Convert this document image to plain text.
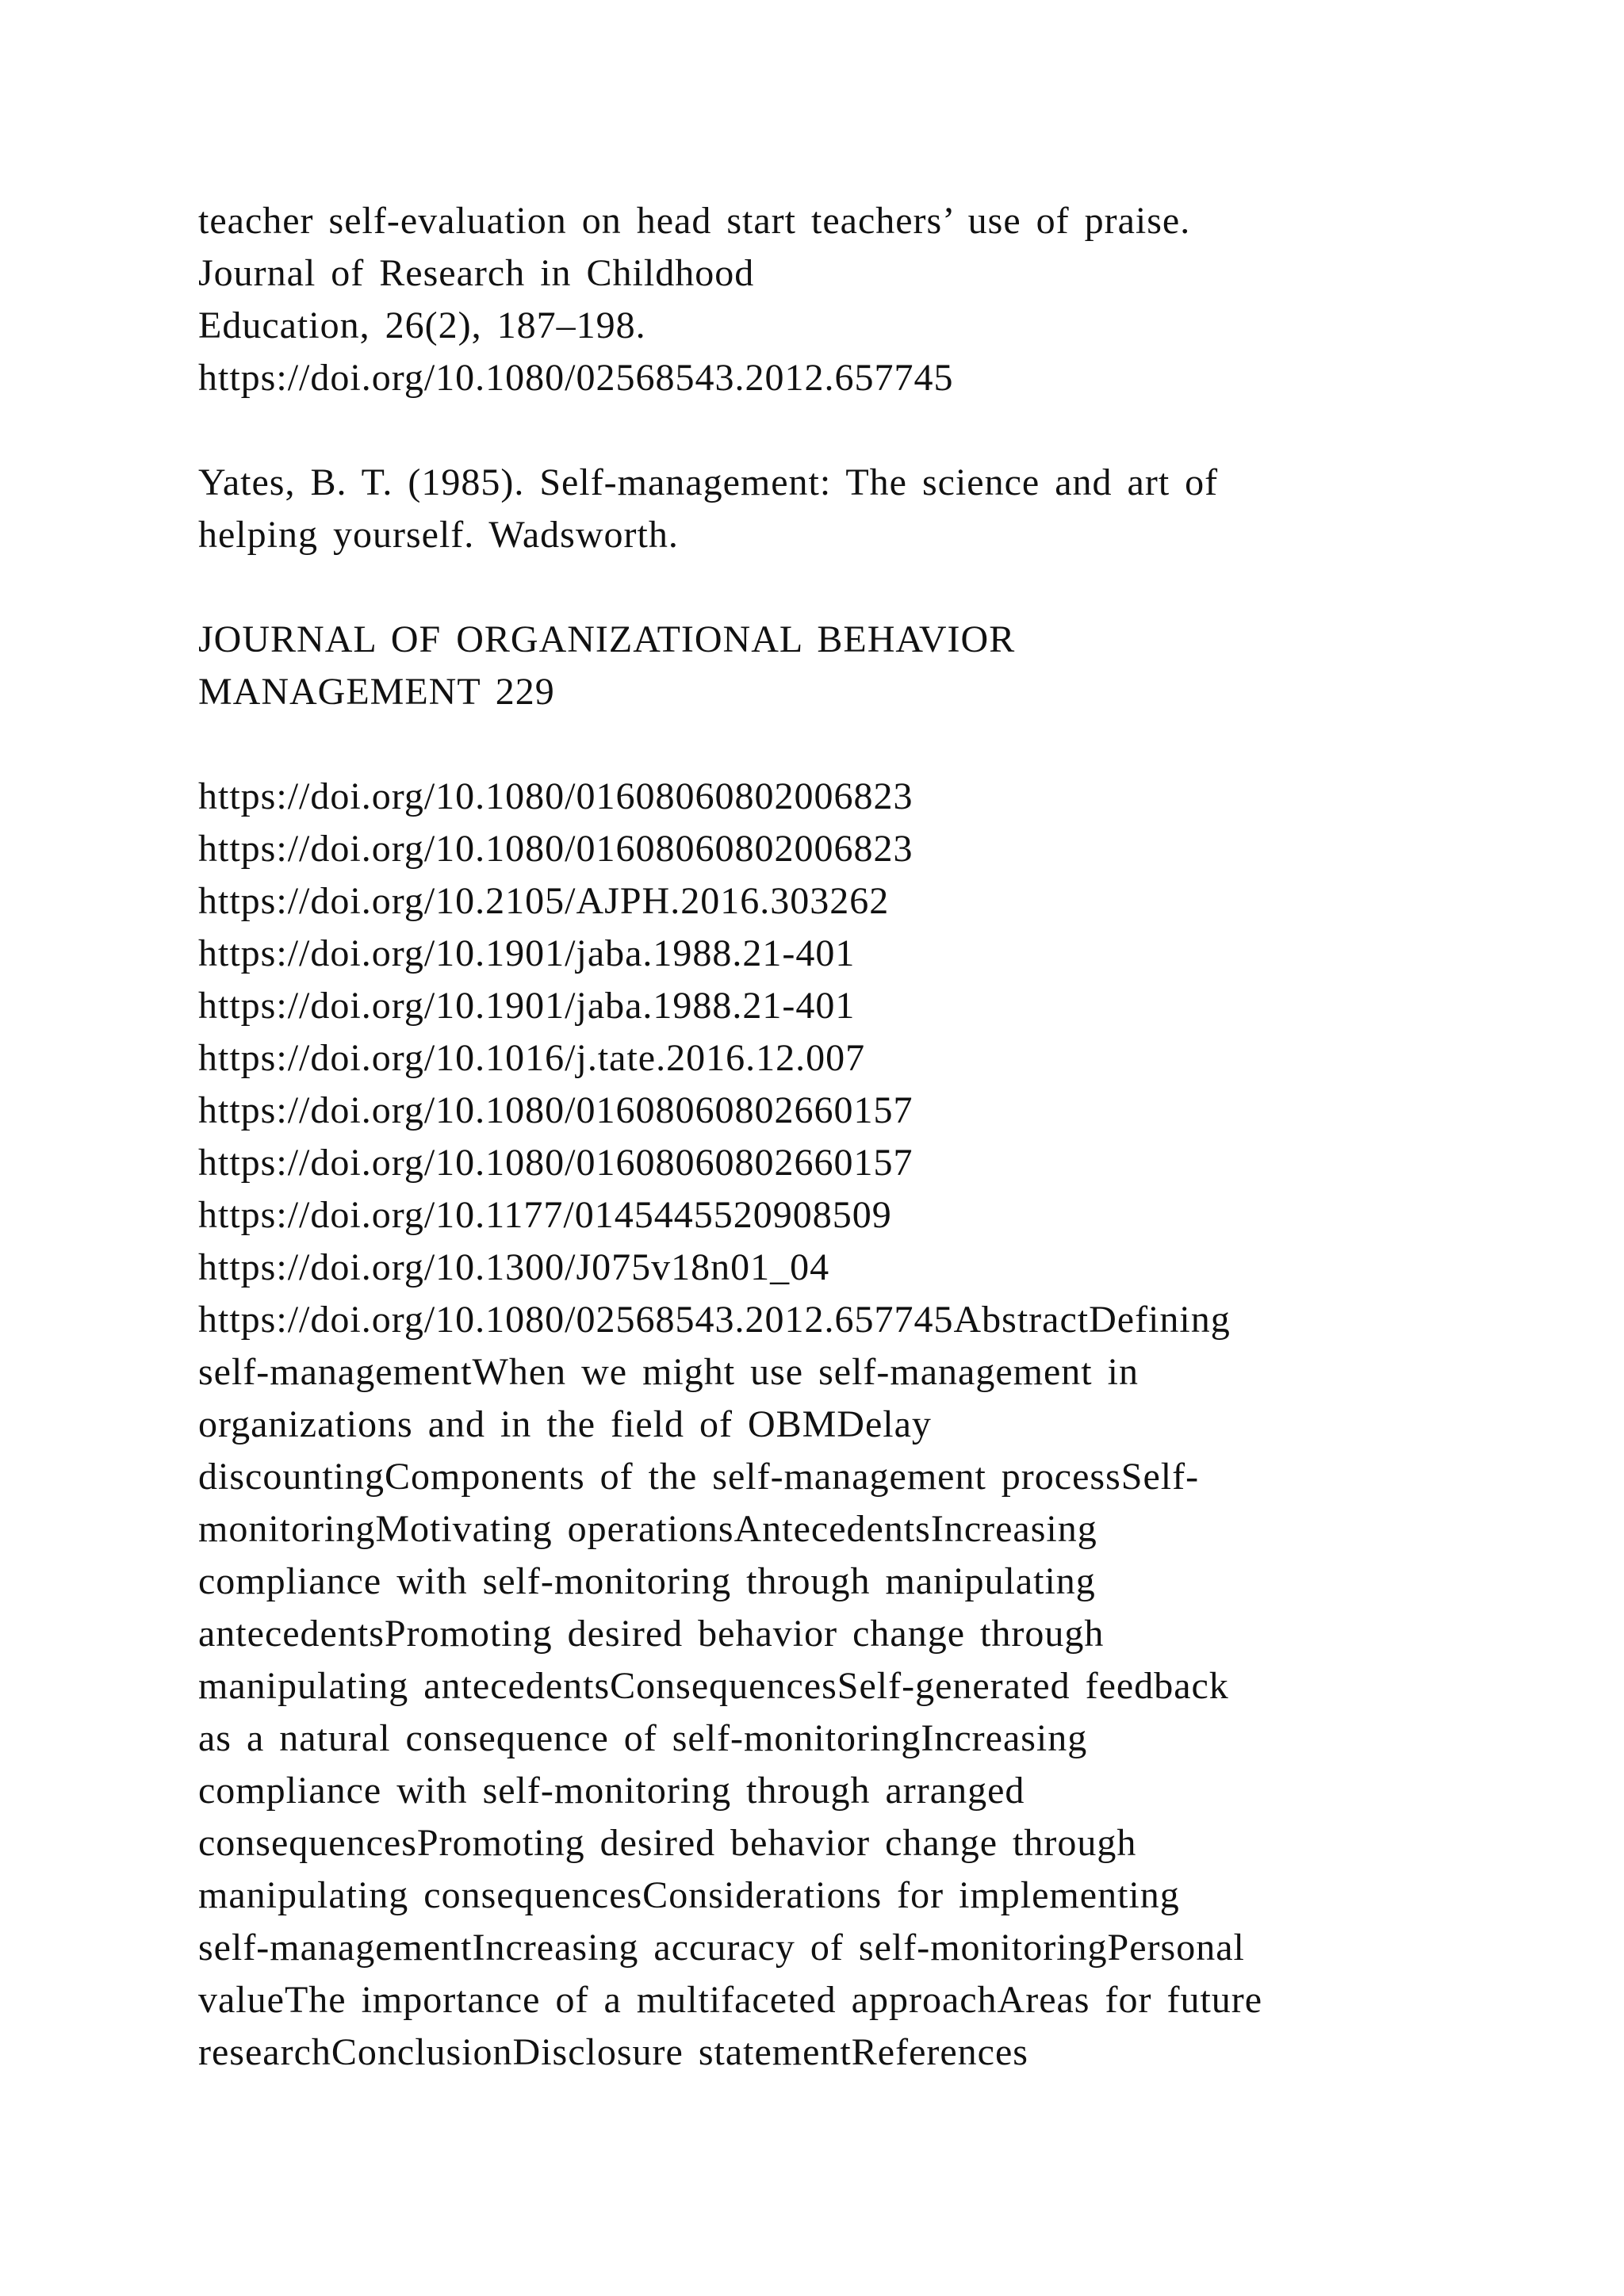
teacher self-evaluation on head start teachers’ use of praise.
Journal of Research in Childhood
Education, 26(2), 187–198.
https://doi.org/10.1080/02568543.2012.657745
Yates, B. T. (1985). Self-management: The science and art of
helping yourself. Wadsworth.
JOURNAL OF ORGANIZATIONAL BEHAVIOR
MANAGEMENT 229
https://doi.org/10.1080/01608060802006823
https://doi.org/10.1080/01608060802006823
https://doi.org/10.2105/AJPH.2016.303262
https://doi.org/10.1901/jaba.1988.21-401
https://doi.org/10.1901/jaba.1988.21-401
https://doi.org/10.1016/j.tate.2016.12.007
https://doi.org/10.1080/01608060802660157
https://doi.org/10.1080/01608060802660157
https://doi.org/10.1177/0145445520908509
https://doi.org/10.1300/J075v18n01_04
https://doi.org/10.1080/02568543.2012.657745AbstractDefining
self-managementWhen we might use self-management in
organizations and in the field of OBMDelay
discountingComponents of the self-management processSelf-
monitoringMotivating operationsAntecedentsIncreasing
compliance with self-monitoring through manipulating
antecedentsPromoting desired behavior change through
manipulating antecedentsConsequencesSelf-generated feedback
as a natural consequence of self-monitoringIncreasing
compliance with self-monitoring through arranged
consequencesPromoting desired behavior change through
manipulating consequencesConsiderations for implementing
self-managementIncreasing accuracy of self-monitoringPersonal
valueThe importance of a multifaceted approachAreas for future
researchConclusionDisclosure statementReferences
